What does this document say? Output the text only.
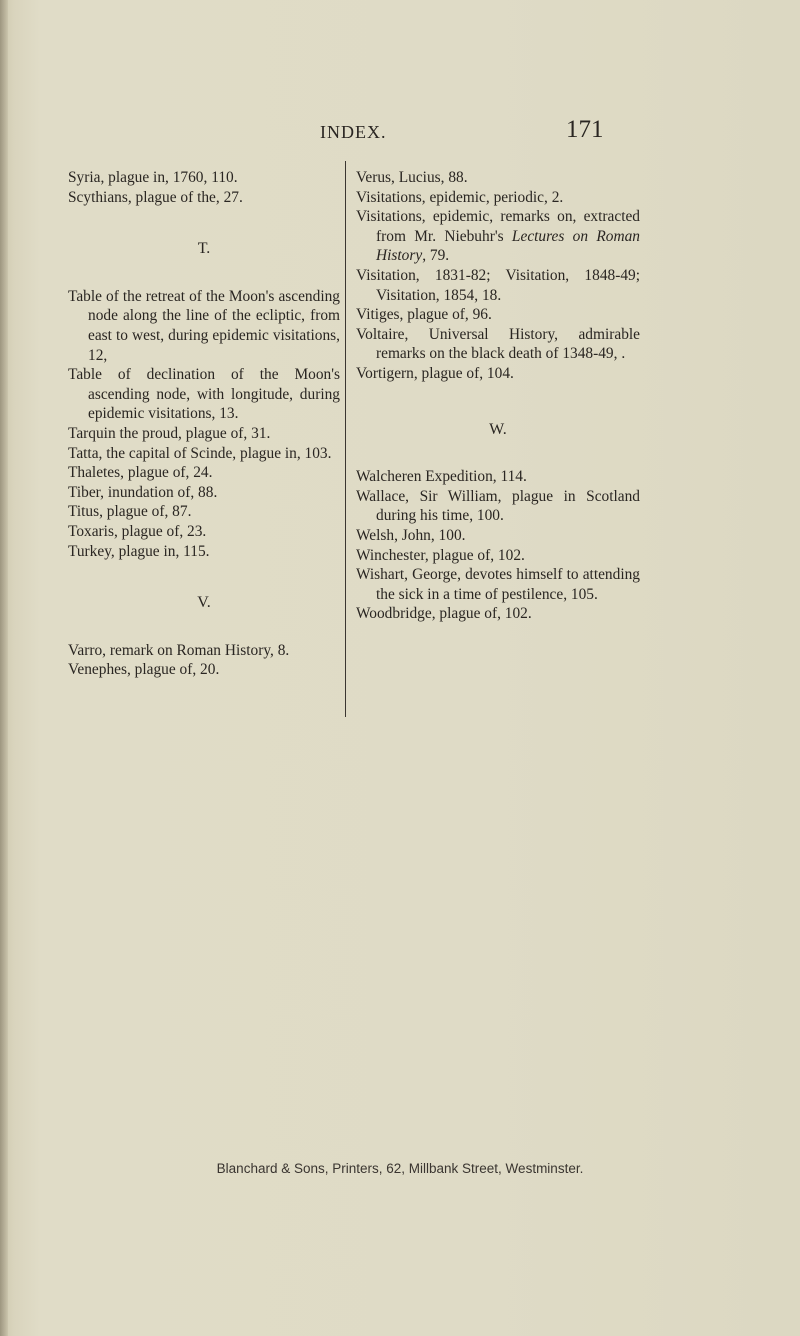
INDEX.	171

Syria, plague in, 1760, 110.

Scythians, plague of the, 27.

T.

Table of the retreat of the Moon's ascending node along the line of the ecliptic, from east to west, during epidemic visitations, 12,

Table of declination of the Moon's ascending node, with longitude, during epidemic visitations, 13.

Tarquin the proud, plague of, 31.

Tatta, the capital of Scinde, plague in, 103.

Thaletes, plague of, 24.

Tiber, inundation of, 88.

Titus, plague of, 87.

Toxaris, plague of, 23.

Turkey, plague in, 115.

V.

Varro, remark on Roman History, 8.

Venephes, plague of, 20.

Verus, Lucius, 88.

Visitations, epidemic, periodic, 2.

Visitations, epidemic, remarks on, extracted from Mr. Niebuhr's Lectures on Roman History, 79.

Visitation, 1831-82; Visitation, 1848-49; Visitation, 1854, 18.

Vitiges, plague of, 96.

Voltaire, Universal History, admirable remarks on the black death of 1348-49, .

Vortigern, plague of, 104.

W.

Walcheren Expedition, 114.

Wallace, Sir William, plague in Scotland during his time, 100.

Welsh, John, 100.

Winchester, plague of, 102.

Wishart, George, devotes himself to attending the sick in a time of pestilence, 105.

Woodbridge, plague of, 102.

Blanchard & Sons, Printers, 62, Millbank Street, Westminster.
